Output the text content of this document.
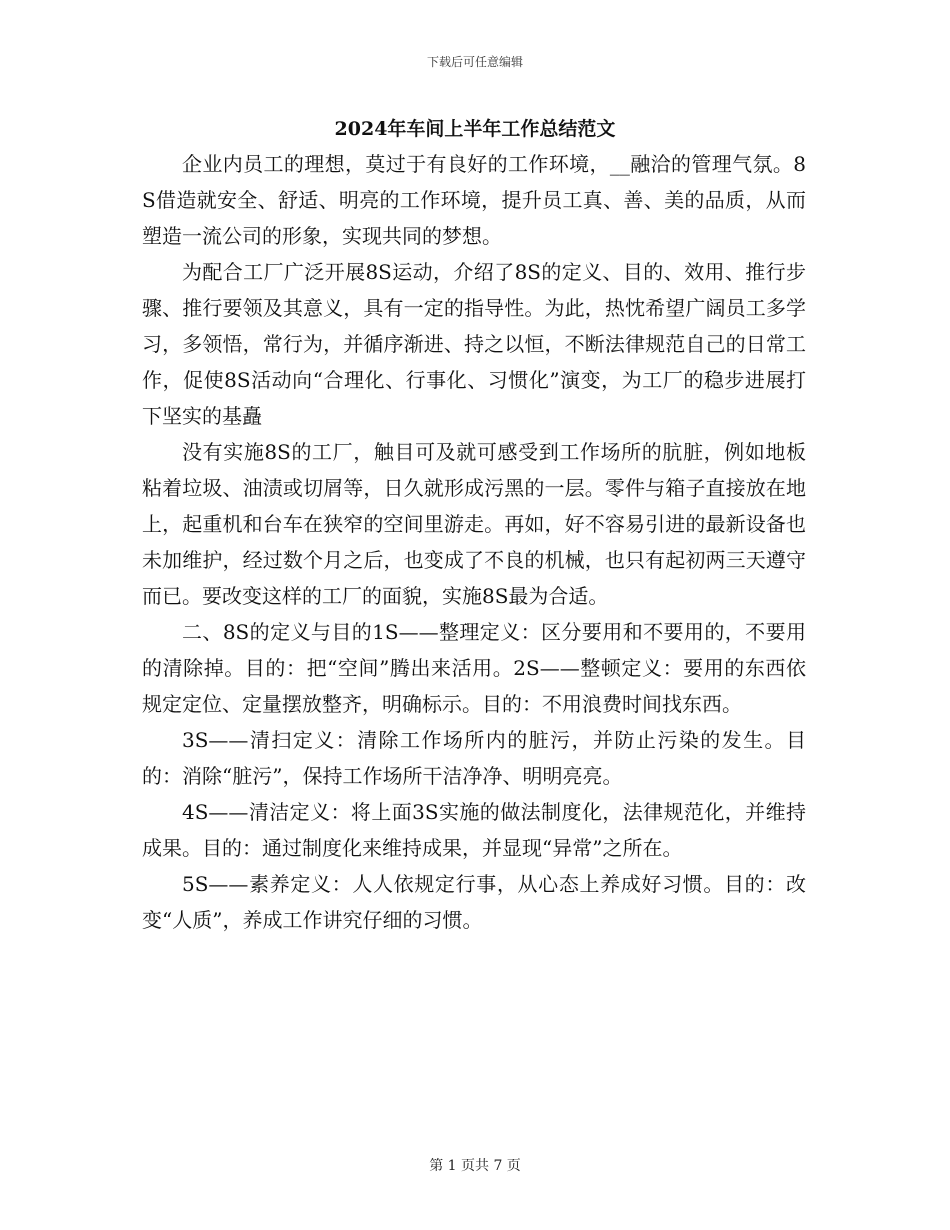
下载后可任意编辑
2024年车间上半年工作总结范文

企业内员工的理想，莫过于有良好的工作环境，__融洽的管理气氛。8S借造就安全、舒适、明亮的工作环境，提升员工真、善、美的品质，从而塑造一流公司的形象，实现共同的梦想。

为配合工厂广泛开展8S运动，介绍了8S的定义、目的、效用、推行步骤、推行要领及其意义，具有一定的指导性。为此，热忱希望广阔员工多学习，多领悟，常行为，并循序渐进、持之以恒，不断法律规范自己的日常工作，促使8S活动向“合理化、行事化、习惯化”演变，为工厂的稳步进展打下坚实的基矗

没有实施8S的工厂，触目可及就可感受到工作场所的肮脏，例如地板粘着垃圾、油渍或切屑等，日久就形成污黑的一层。零件与箱子直接放在地上，起重机和台车在狭窄的空间里游走。再如，好不容易引进的最新设备也未加维护，经过数个月之后，也变成了不良的机械，也只有起初两三天遵守而已。要改变这样的工厂的面貌，实施8S最为合适。

二、8S的定义与目的1S——整理定义：区分要用和不要用的，不要用的清除掉。目的：把“空间”腾出来活用。2S——整顿定义：要用的东西依规定定位、定量摆放整齐，明确标示。目的：不用浪费时间找东西。

3S——清扫定义：清除工作场所内的脏污，并防止污染的发生。目的：消除“脏污”，保持工作场所干洁净净、明明亮亮。

4S——清洁定义：将上面3S实施的做法制度化，法律规范化，并维持成果。目的：通过制度化来维持成果，并显现“异常”之所在。

5S——素养定义：人人依规定行事，从心态上养成好习惯。目的：改变“人质”，养成工作讲究仔细的习惯。

第 1 页共 7 页
